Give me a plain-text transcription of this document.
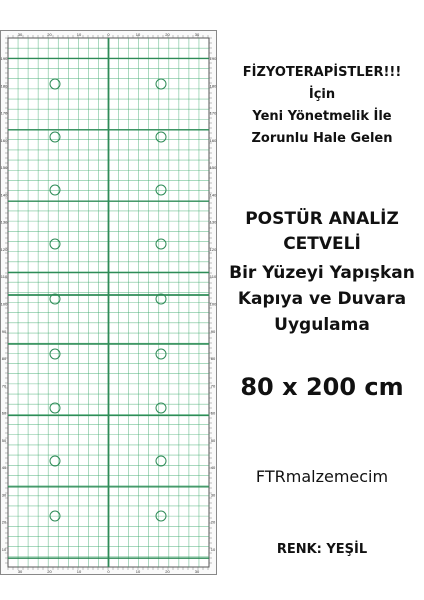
30
30
20
20
10
10
0
0
10
10
20
20
30
30
190	190
180	180
170	170
160	160
150	150
140	140
130	130
120	120
110	110
100	100
90	90
80	80
70	70
60	60
50	50
40	40
30	30
20	20
10	10
FİZYOTERAPİSTLER!!!
İçin
Yeni Yönetmelik İle
Zorunlu Hale Gelen
POSTÜR ANALİZ
CETVELİ
Bir Yüzeyi Yapışkan
Kapıya ve Duvara
Uygulama
80 x 200 cm
FTRmalzemecim
RENK: YEŞİL
